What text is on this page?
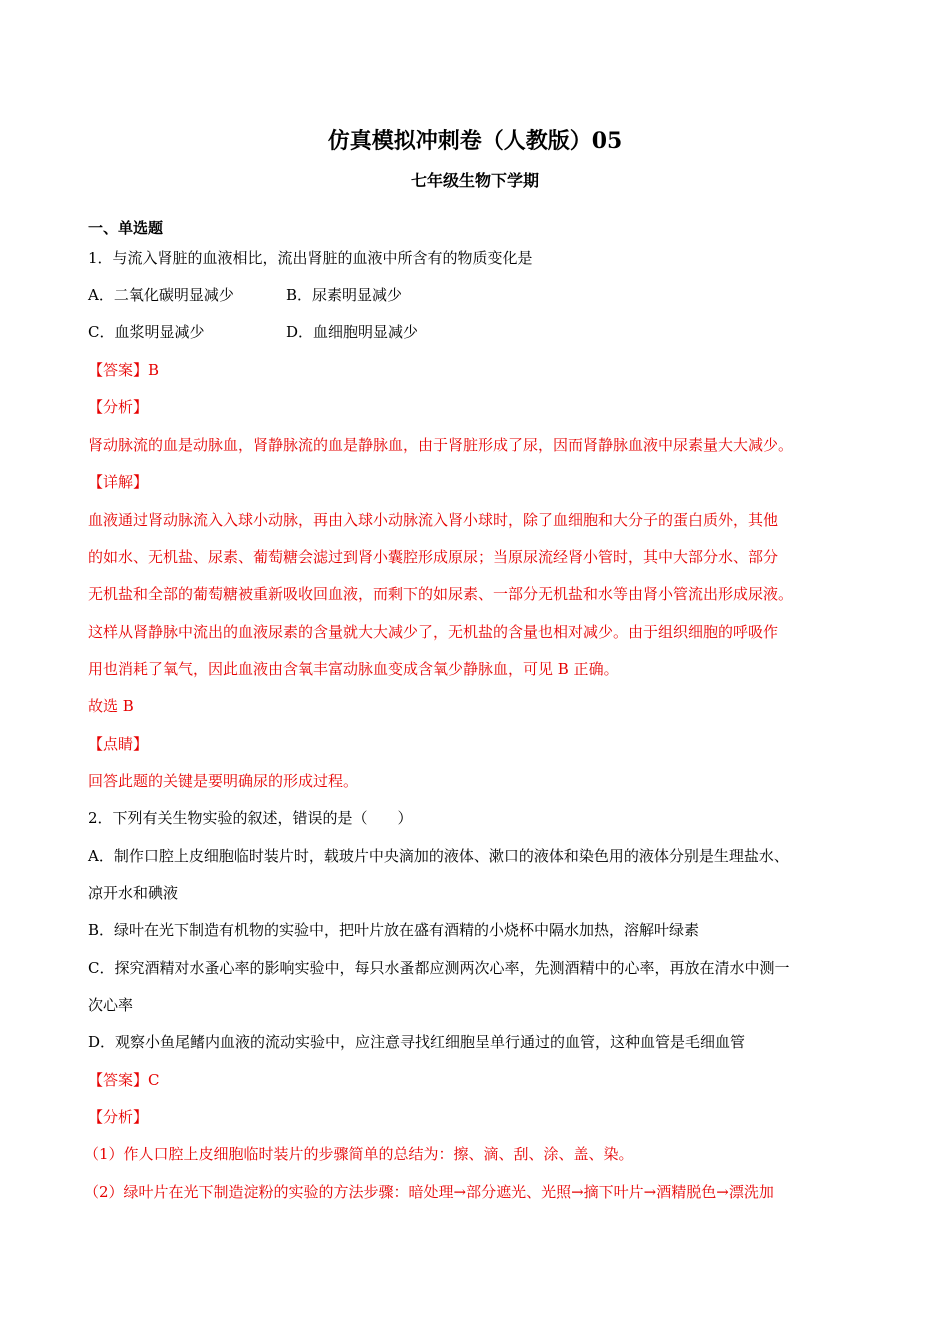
仿真模拟冲刺卷（人教版）05
七年级生物下学期
一、单选题
1．与流入肾脏的血液相比，流出肾脏的血液中所含有的物质变化是
A．二氧化碳明显减少	B．尿素明显减少
C．血浆明显减少	D．血细胞明显减少
【答案】B
【分析】
肾动脉流的血是动脉血，肾静脉流的血是静脉血，由于肾脏形成了尿，因而肾静脉血液中尿素量大大减少。
【详解】
血液通过肾动脉流入入球小动脉，再由入球小动脉流入肾小球时，除了血细胞和大分子的蛋白质外，其他
的如水、无机盐、尿素、葡萄糖会滤过到肾小囊腔形成原尿；当原尿流经肾小管时，其中大部分水、部分
无机盐和全部的葡萄糖被重新吸收回血液，而剩下的如尿素、一部分无机盐和水等由肾小管流出形成尿液。
这样从肾静脉中流出的血液尿素的含量就大大减少了，无机盐的含量也相对减少。由于组织细胞的呼吸作
用也消耗了氧气，因此血液由含氧丰富动脉血变成含氧少静脉血，可见 B 正确。
故选 B
【点睛】
回答此题的关键是要明确尿的形成过程。
2．下列有关生物实验的叙述，错误的是（　　）
A．制作口腔上皮细胞临时装片时，载玻片中央滴加的液体、漱口的液体和染色用的液体分别是生理盐水、
凉开水和碘液
B．绿叶在光下制造有机物的实验中，把叶片放在盛有酒精的小烧杯中隔水加热，溶解叶绿素
C．探究酒精对水蚤心率的影响实验中，每只水蚤都应测两次心率，先测酒精中的心率，再放在清水中测一
次心率
D．观察小鱼尾鳍内血液的流动实验中，应注意寻找红细胞呈单行通过的血管，这种血管是毛细血管
【答案】C
【分析】
（1）作人口腔上皮细胞临时装片的步骤简单的总结为：擦、滴、刮、涂、盖、染。
（2）绿叶片在光下制造淀粉的实验的方法步骤：暗处理→部分遮光、光照→摘下叶片→酒精脱色→漂洗加
